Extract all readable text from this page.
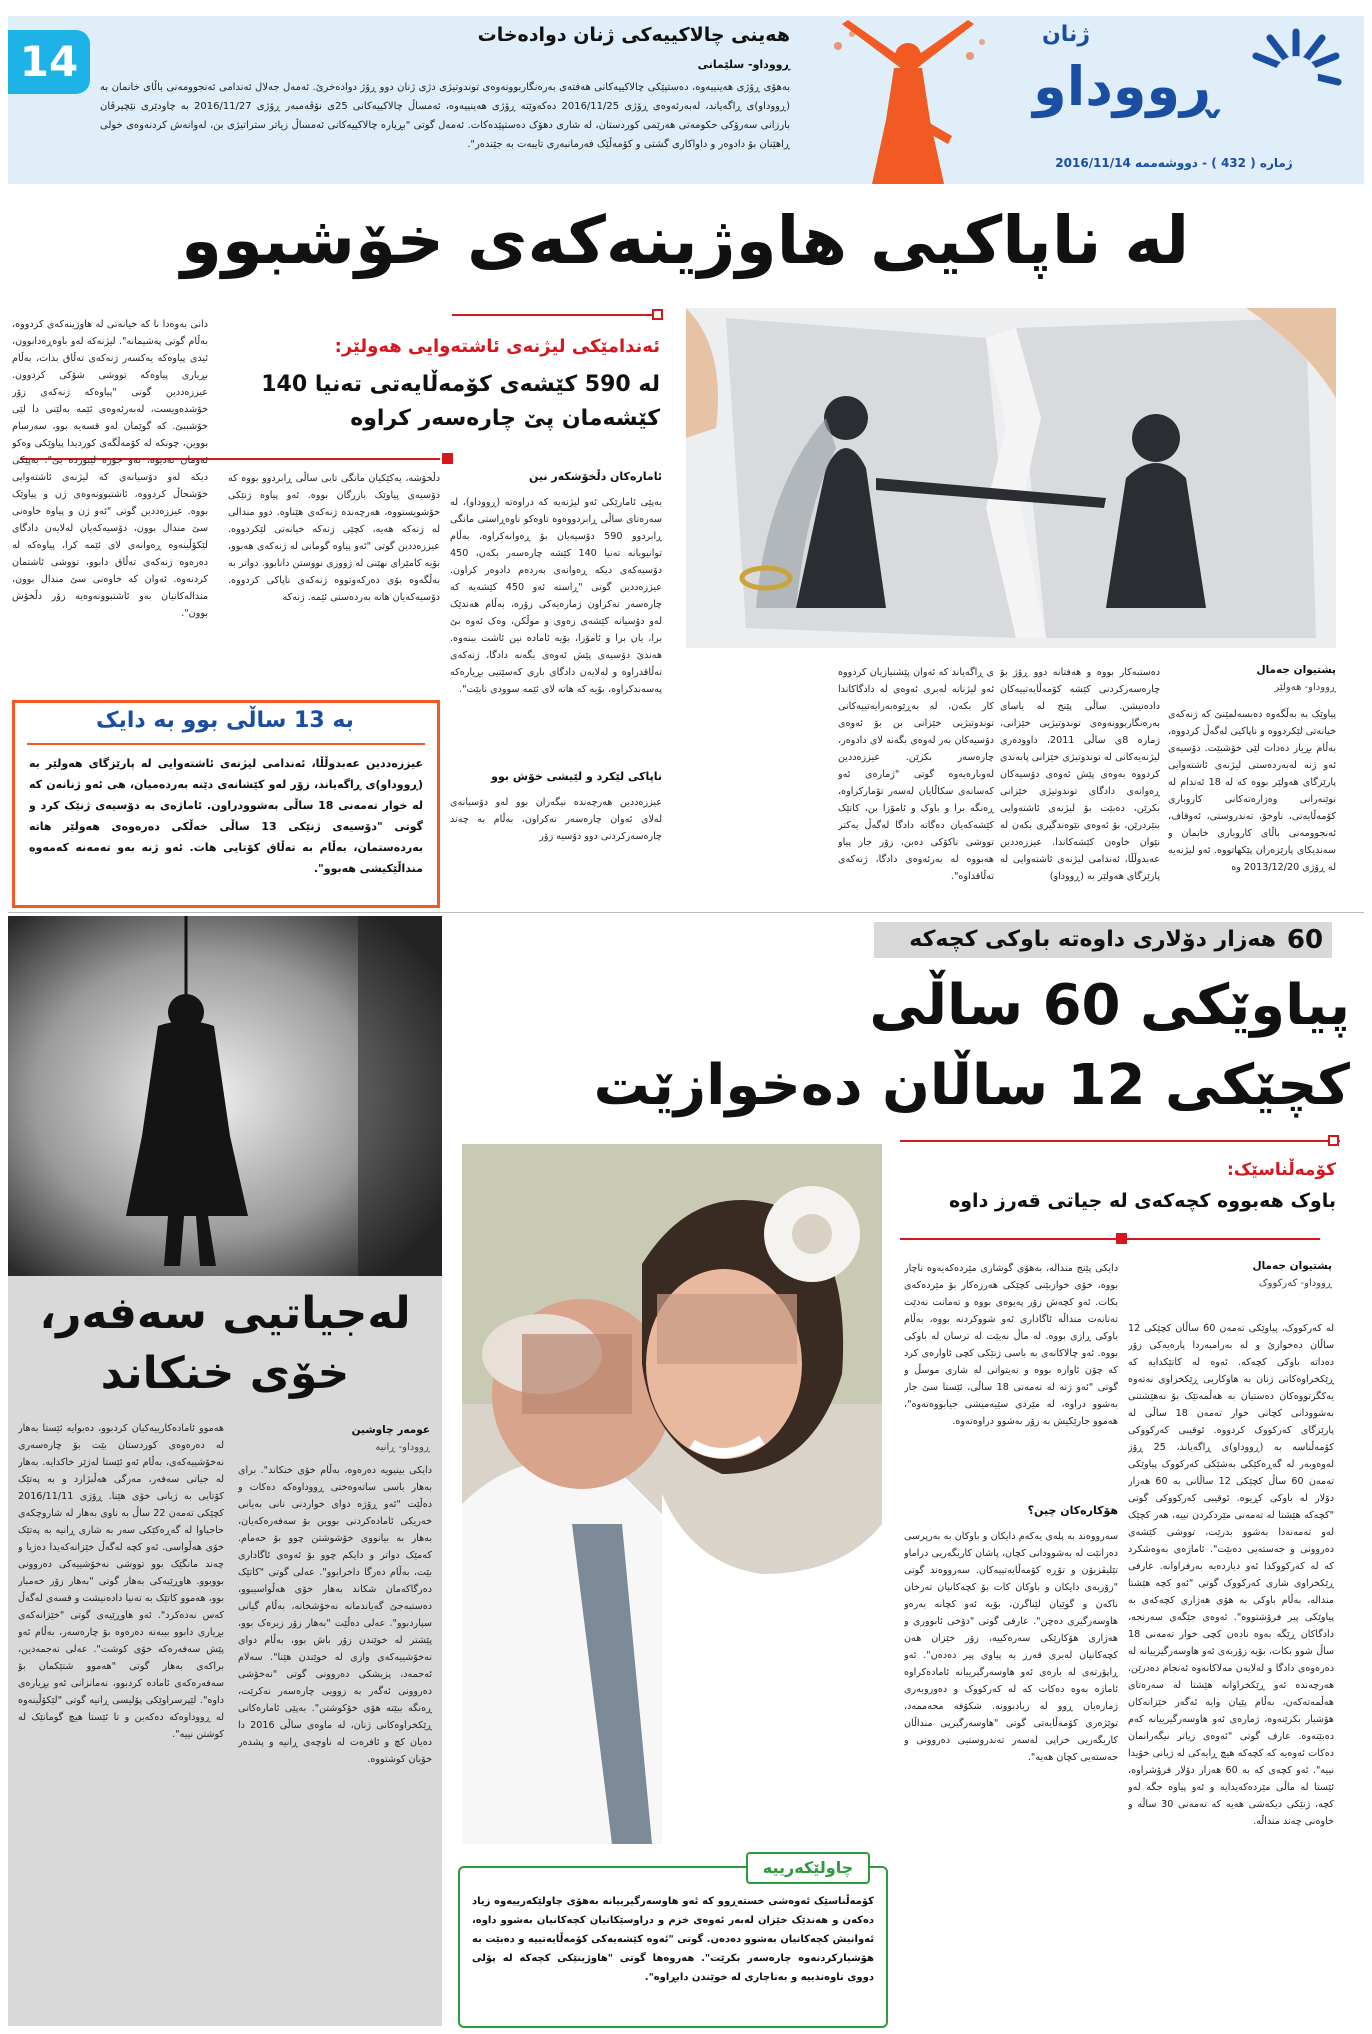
14
هەینی چالاکییەکی ژنان دوادەخات
ڕووداو- سلێمانی
بەهۆی ڕۆژی هەینییەوە، دەستپێکی چالاکییەکانی هەفتەی بەرەنگاربوونەوەی توندوتیژی دژی ژنان دوو ڕۆژ دوادەخرێ. ئەمەل جەلال ئەندامی ئەنجوومەنی باڵای خانمان بە (ڕووداو)ی ڕاگەیاند، لەبەرئەوەی ڕۆژی 2016/11/25 دەکەوێتە ڕۆژی هەینییەوە، ئەمساڵ چالاکییەکانی 25ی نۆڤەمبەر ڕۆژی 2016/11/27 بە چاودێری نێچیرڤان بارزانی سەرۆکی حکومەتی هەرێمی کوردستان، لە شاری دهۆک دەستپێدەکات. ئەمەل گوتی "بڕیارە چالاکییەکانی ئەمساڵ زیاتر ستراتیژی بن، لەوانەش کردنەوەی خولی ڕاهێنان بۆ دادوەر و داواکاری گشتی و کۆمەڵێک فەرمانبەری تایبەت بە جێندەر".
ڕووداو
ژنان
ژمارە ( 432 ) - دووشەممە 2016/11/14
لە ناپاکیی هاوژینەکەی خۆشبوو
ئەندامێکی لیژنەی ئاشتەوایی هەولێر:
لە 590 کێشەی کۆمەڵایەتی تەنیا 140 کێشەمان پێ چارەسەر کراوە
پشتیوان جەمال
ڕووداو- هەولێر
پیاوێک بە بەڵگەوە دەبسەلمێنێ کە ژنەکەی خیانەتی لێکردووە و ناپاکیی لەگەڵ کردووە، بەڵام بڕیار دەدات لێی خۆشبێت. دۆسیەی ئەو ژنە لەبەردەستی لیژنەی ئاشتەوایی پارێزگای هەولێر بووە کە لە 18 ئەندام لە نوێنەرانی وەزارەتەکانی کاروباری کۆمەڵایەتی، ناوخۆ، تەندروستی، ئەوقاف، ئەنجوومەنی باڵای کاروباری خانمان و سەندیکای پارێزەران پێکهاتووە. ئەو لیژنەیە لە ڕۆژی 2013/12/20 وە
دەستبەکار بووە و هەفتانە دوو ڕۆژ بۆ چارەسەرکردنی کێشە کۆمەڵایەتییەکان دادەنیشن. ساڵی پێنج لە یاسای بەرەنگاربوونەوەی توندوتیژیی خێزانی، ژمارە 8ی ساڵی 2011، داوودەری لیژنەیەکانی لە توندوتیژی خێزانی پابەندی کردووە بەوەی پێش ئەوەی دۆسیەکان ڕەوانەی دادگای توندوتیژی خێزانی بکرێن، دەبێت بۆ لیژنەی ئاشتەوایی بنێردرێن، بۆ ئەوەی نێوەندگیری بکەن لە نێوان خاوەن کێشەکاندا. عیززەددین عەبدوڵڵا، ئەندامی لیژنەی ئاشتەوایی لە پارێزگای هەولێر بە (ڕووداو)
ی ڕاگەیاند کە ئەوان پێشنیازیان کردووە ئەو لیژنانە لەبری ئەوەی لە دادگاکاندا کار بکەن، لە بەڕێوەبەرایەتییەکانی توندوتیژیی خێزانی بن بۆ ئەوەی دۆسیەکان بەر لەوەی بگەنە لای دادوەر، چارەسەر بکرێن. عیززەددین لەوبارەیەوە گوتی "ژمارەی ئەو کەسانەی سکاڵایان لەسەر تۆمارکراوە، ڕەنگە برا و باوک و ئامۆزا بن، کاتێک کێشەکەیان دەگاتە دادگا لەگەڵ یەکتر تووشی ناکۆکی دەبن، زۆر جار پیاو هەبووە لە بەرئەوەی دادگا، ژنەکەی تەڵاقداوە".
ئامارەکان دڵخۆشکەر نین
بەپێی ئامارێکی ئەو لیژنەیە کە دراوەتە (ڕووداو)، لە سەرەتای ساڵی ڕابردووەوە تاوەکو ناوەڕاستی مانگی ڕابردوو 590 دۆسیەیان بۆ ڕەوانەکراوە، بەڵام توانیویانە تەنیا 140 کێشە چارەسەر بکەن، 450 دۆسیەکەی دیکە ڕەوانەی بەردەم دادوەر کراون. عیززەددین گوتی "ڕاستە ئەو 450 کێشەیە کە چارەسەر نەکراون ژمارەیەکی زۆرە، بەڵام هەندێک لەو دۆسیانە کێشەی زەوی و موڵکن، وەک ئەوە بێ برا، یان برا و ئامۆزا، بۆیە ئامادە نین ئاشت ببنەوە. هەندێ دۆسیەی پێش ئەوەی بگەنە دادگا، ژنەکەی تەڵاقدراوە و لەلایەن دادگای باری کەسێتیی بڕیارەکە پەسەندکراوە، بۆیە کە هاتە لای ئێمە سوودی نابێت".
ناپاکی لێکرد و لێیشی خۆش بوو
عیززەددین هەرچەندە نیگەران بوو لەو دۆسیانەی لەلای ئەوان چارەسەر نەکراون، بەڵام بە چەند چارەسەرکردنی دوو دۆسیە زۆر
دڵخۆشە، یەکێکیان مانگی تابی ساڵی ڕابردوو بووە کە دۆسیەی پیاوێک بازرگان بووە. ئەو پیاوە ژنێکی خۆشویستووە، هەرچەندە ژنەکەی هێناوە. دوو مندالی لە ژنەکە هەیە، کچێی ژنەکە خیانەتی لێکردووە. عیززەددین گوتی "ئەو پیاوە گومانی لە ژنەکەی هەبوو، بۆیە کامێرای نهێنی لە ژووری نووستن دانابوو. دواتر بە بەڵگەوە بۆی دەرکەوتووە ژنەکەی ناپاکی کردووە. دۆسیەکەیان هاتە بەردەستی ئێمە. ژنەکە
دانی بەوەدا نا کە خیانەتی لە هاوژینەکەی کردووە، بەڵام گوتی پەشیمانە". لیژنەکە لەو باوەڕەدابوون، ئیدی پیاوەکە یەکسەر ژنەکەی تەڵاق بدات، بەڵام بڕیاری پیاوەکە تووشی شۆکی کردوون. عیززەددین گوتی "پیاوەکە ژنەکەی زۆر خۆشدەویست، لەبەرئەوەی ئێمە بەلێنی دا لێی خۆشببێ. کە گوێمان لەو قسەیە بوو، سەرسام بووین، چونکە لە کۆمەڵگەی کوردیدا پیاوێکی وەکو ئەومان نەدیوە، بەو جۆرە لێبوردە بێ". بەپێکی دیکە لەو دۆسیانەی کە لیژنەی ئاشتەوایی خۆشحاڵ کردووە، ئاشتبوونەوەی ژن و پیاوێک بووە. عیززەددین گوتی "ئەو ژن و پیاوە خاوەنی سێ مندال بوون، دۆسیەکەیان لەلایەن دادگای لێکۆڵینەوە ڕەوانەی لای ئێمە کرا، پیاوەکە لە دەرەوە ژنەکەی تەڵاق دابوو، تووشی ئاشتمان کردنەوە. ئەوان کە خاوەنی سێ مندال بوون، مندالەکانیان بەو ئاشتبوونەوەیە زۆر دڵخۆش بوون".
بە 13 ساڵی بوو بە دایک
عیززەددین عەبدوڵڵا، ئەندامی لیژنەی ئاشتەوایی لە پارێزگای هەولێر بە (ڕووداو)ی ڕاگەیاند، زۆر لەو کێشانەی دێنە بەردەمیان، هی ئەو ژنانەن کە لە خوار تەمەنی 18 ساڵی بەشوودراون. ئاماژەی بە دۆسیەی ژنێک کرد و گوتی "دۆسیەی ژنێکی 13 ساڵی خەڵکی دەرەوەی هەولێر هاتە بەردەستمان، بەڵام بە تەڵاق کۆتایی هات. ئەو ژنە بەو تەمەنە کەمەوە منداڵێکیشی هەبوو".
لەجیاتیی سەفەر،
خۆی خنکاند
عومەر چاوشین
ڕووداو- ڕانیە
هەموو ئامادەکارییەکیان کردبوو، دەبوایە ئێستا بەهار لە دەرەوەی کوردستان بێت بۆ چارەسەری نەخۆشییەکەی، بەڵام ئەو ئێستا لەژێر خاکدایە. بەهار لە جیاتی سەفەر، مەرگی هەڵبژارد و بە پەتێک کۆتایی بە ژیانی خۆی هێنا. ڕۆژی 2016/11/11 کچێکی تەمەن 22 ساڵ بە ناوی بەهار لە شاروچکەی حاجیاوا لە گەڕەکێکی سەر بە شاری ڕانیە بە پەتێک خۆی هەڵواسی. ئەو کچە لەگەڵ خێزانەکەیدا دەژیا و چەند مانگێک بوو تووشی نەخۆشییەکی دەروونی بووبوو. هاوڕێیەکی بەهار گوتی "بەهار زۆر خەمبار بوو، هەموو کاتێک بە تەنیا دادەنیشت و قسەی لەگەڵ کەس نەدەکرد". ئەو هاوڕێیەی گوتی "خێزانەکەی بڕیاری دابوو بیبەنە دەرەوە بۆ چارەسەر، بەڵام ئەو پێش سەفەرەکە خۆی کوشت". عەلی نەجمەدین، براکەی بەهار گوتی "هەموو شتێکمان بۆ سەفەرەکەی ئامادە کردبوو، نەمانزانی ئەو بڕیارەی داوە". لێپرسراوێکی پۆلیسی ڕانیە گوتی "لێکۆڵینەوە لە ڕووداوەکە دەکەین و تا ئێستا هیچ گومانێک لە کوشتن نییە".
دایکی بینیویە دەرەوە، بەڵام خۆی خنکاند". برای بەهار باسی ساتەوەختی ڕووداوەکە دەکات و دەڵێت "ئەو ڕۆژە دوای خواردنی نانی بەیانی خەریکی ئامادەکردنی بووین بۆ سەفەرەکەیان، بەهار بە بیانووی خۆشوشتن چوو بۆ حەمام. کەمێک دواتر و دایکم چوو بۆ ئەوەی ئاگاداری بێت، بەڵام دەرگا داخرابوو". عەلی گوتی "کاتێک دەرگاکەمان شکاند بەهار خۆی هەڵواسیبوو، دەستبەجێ گەیاندمانە نەخۆشخانە، بەڵام گیانی سپاردبوو". عەلی دەڵێت "بەهار زۆر زیرەک بوو، پێشتر لە خوێندن زۆر باش بوو، بەڵام دوای نەخۆشییەکەی وازی لە خوێندن هێنا". سەلام ئەحمەد، پزیشکی دەروونی گوتی "نەخۆشی دەروونی ئەگەر بە زوویی چارەسەر نەکرێت، ڕەنگە ببێتە هۆی خۆکوشتن". بەپێی ئامارەکانی ڕێکخراوەکانی ژنان، لە ماوەی ساڵی 2016 دا دەیان کچ و ئافرەت لە ناوچەی ڕانیە و پشدەر خۆیان کوشتووە.
60
هەزار دۆلاری داوەتە باوکی کچەکە
پیاوێکی 60 ساڵی
کچێکی 12 ساڵان دەخوازێت
کۆمەڵناسێک:
باوک هەبووە کچەکەی لە جیاتی قەرز داوە
پشتیوان جەمال
ڕووداو- کەرکووک
لە کەرکووک، پیاوێکی تەمەن 60 ساڵان کچێکی 12 ساڵان دەخوازێ و لە بەرامبەردا پارەیەکی زۆر دەداتە باوکی کچەکە. ئەوە لە کاتێکدایە کە ڕێکخراوەکانی ژنان بە هاوکاریی ڕێکخراوی نەتەوە یەکگرتووەکان دەستیان بە هەڵمەتێک بۆ نەهێشتنی بەشوودانی کچانی خوار تەمەن 18 ساڵی لە پارێزگای کەرکووک کردووە. ئوقیبی کەرکووکی کۆمەڵناسە بە (ڕووداو)ی ڕاگەیاند، 25 ڕۆژ لەوەوبەر لە گەڕەکێکی بەشێکی کەرکووک پیاوێکی تەمەن 60 ساڵ کچێکی 12 ساڵانی بە 60 هەزار دۆلار لە باوکی کڕیوە. ئوقیبی کەرکووکی گوتی "کچەکە هێشتا لە تەمەنی مێردکردن نییە، هەر کچێک لەو تەمەنەدا بەشوو بدرێت، تووشی کێشەی دەروونی و جەستەیی دەبێت". ئاماژەی بەوەشکرد کە لە کەرکووکدا ئەو دیاردەیە بەرفراوانە. عارفی ڕێکخراوی شاری کەرکووک گوتی "ئەو کچە هێشتا مندالە، بەڵام باوکی بە هۆی هەژاری کچەکەی بە پیاوێکی پیر فرۆشتووە". ئەوەی جێگەی سەرنجە، دادگاکان ڕێگە بەوە نادەن کچی خوار تەمەنی 18 ساڵ شوو بکات، بۆیە زۆربەی ئەو هاوسەرگیرییانە لە دەرەوەی دادگا و لەلایەن مەلاکانەوە ئەنجام دەدرێن. هەرچەندە ئەو ڕێکخراوانە هێشتا لە سەرەتای هەڵمەتەکەن، بەڵام پێیان وایە ئەگەر خێزانەکان هۆشیار بکرێنەوە، ژمارەی ئەو هاوسەرگیرییانە کەم دەبێتەوە. عارف گوتی "ئەوەی زیاتر نیگەرانمان دەکات ئەوەیە کە کچەکە هیچ ڕایەکی لە ژیانی خۆیدا نییە". ئەو کچەی کە بە 60 هەزار دۆلار فرۆشراوە، ئێستا لە ماڵی مێردەکەیدایە و ئەو پیاوە جگە لەو کچە، ژنێکی دیکەشی هەیە کە تەمەنی 30 ساڵە و خاوەنی چەند منداڵە.
دایکی پێنج مندالە، بەهۆی گوشاری مێردەکەیەوە ناچار بووە، خۆی خوازبێنی کچێکی هەرزەکار بۆ مێردەکەی بکات. ئەو کچەش زۆر پەیوەی بووە و تەمانت نەدێت تەنانەت منداڵە ئاگاداری ئەو شووکردنە بووە، بەڵام باوکی ڕازی بووە. لە ماڵ نەبێت لە ترسان لە باوکی بووە. ئەو چالاکانەی بە باسی ژنێکی کچی ئاوارەی کرد کە چۆن ئاوارە بووە و نەیتوانی لە شاری موسڵ و گوتی "ئەو ژنە لە تەمەنی 18 ساڵی، ئێستا سێ جار بەشوو دراوە، لە مێردی سێیەمیشی جیابووەتەوە"، هەموو جارێکیش بە زۆر بەشوو دراوەتەوە.
هۆکارەکان چین؟
سەرووەند بە پلەی یەکەم دایکان و باوکان بە بەرپرسی دەزانێت لە بەشوودانی کچان، پاشان کاریگەریی دراماو تێلیڤزیۆن و تۆڕە کۆمەڵایەتییەکان. سەرووەند گوتی "زۆربەی دایکان و باوکان کات بۆ کچەکانیان تەرخان ناکەن و گوێیان لێناگرن، بۆیە ئەو کچانە بەرەو هاوسەرگیری دەچن". عارفی گوتی "دۆخی ئابووری و هەژاری هۆکارێکی سەرەکییە، زۆر خێزان هەن کچەکانیان لەبری قەرز بە پیاوی پیر دەدەن". ئەو ڕاپۆرتەی لە بارەی ئەو هاوسەرگیرییانە ئامادەکراوە ئاماژە بەوە دەکات کە لە کەرکووک و دەوروبەری ژمارەیان ڕوو لە زیادبوونە. شکۆفە محەممەد، توێژەری کۆمەڵایەتی گوتی "هاوسەرگیریی منداڵان کاریگەریی خراپی لەسەر تەندروستیی دەروونی و جەستەیی کچان هەیە".
چاولێکەرییە
کۆمەڵناسێک ئەوەشی خستەڕوو کە ئەو هاوسەرگیرییانە بەهۆی چاولێکەرییەوە زیاد دەکەن و هەندێک خێزان لەبەر ئەوەی خزم و دراوسێکانیان کچەکانیان بەشوو داوە، ئەوانیش کچەکانیان بەشوو دەدەن. گوتی "ئەوە کێشەیەکی کۆمەڵایەتییە و دەبێت بە هۆشیارکردنەوە چارەسەر بکرێت". هەروەها گوتی "هاوژینێکی کچەکە لە پۆلی دووی ناوەندییە و بەناچاری لە خوێندن دابڕاوە".
